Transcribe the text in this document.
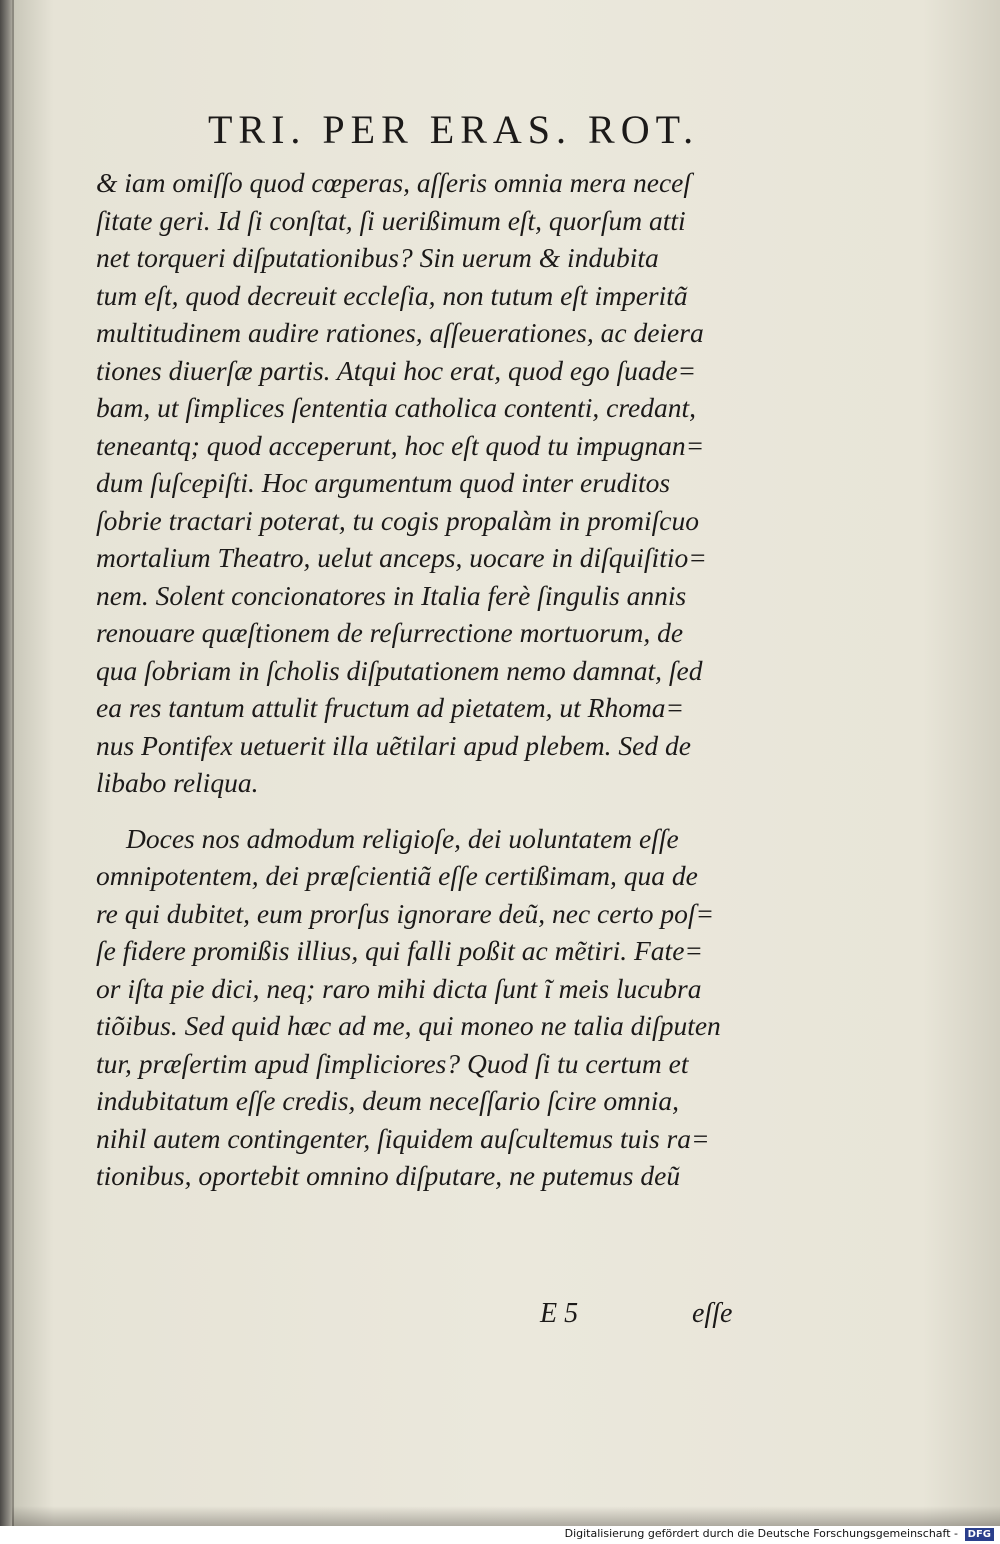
TRI. PER ERAS. ROT.
& iam omiſſo quod cœperas, aſſeris omnia mera neceſ
ſitate geri. Id ſi conſtat, ſi uerißimum eſt, quorſum atti
net torqueri diſputationibus? Sin uerum & indubita
tum eſt, quod decreuit eccleſia, non tutum eſt imperitã
multitudinem audire rationes, aſſeuerationes, ac deiera
tiones diuerſæ partis. Atqui hoc erat, quod ego ſuade=
bam, ut ſimplices ſententia catholica contenti, credant,
teneantq; quod acceperunt, hoc eſt quod tu impugnan=
dum ſuſcepiſti. Hoc argumentum quod inter eruditos
ſobrie tractari poterat, tu cogis propalàm in promiſcuo
mortalium Theatro, uelut anceps, uocare in diſquiſitio=
nem. Solent concionatores in Italia ferè ſingulis annis
renouare quæſtionem de reſurrectione mortuorum, de
qua ſobriam in ſcholis diſputationem nemo damnat, ſed
ea res tantum attulit fructum ad pietatem, ut Rhoma=
nus Pontifex uetuerit illa uẽtilari apud plebem. Sed de
libabo reliqua.
Doces nos admodum religioſe, dei uoluntatem eſſe
omnipotentem, dei præſcientiã eſſe certißimam, qua de
re qui dubitet, eum prorſus ignorare deũ, nec certo poſ=
ſe fidere promißis illius, qui falli poßit ac mẽtiri. Fate=
or iſta pie dici, neq; raro mihi dicta ſunt ĩ meis lucubra
tiõibus. Sed quid hæc ad me, qui moneo ne talia diſputen
tur, præſertim apud ſimpliciores? Quod ſi tu certum et
indubitatum eſſe credis, deum neceſſario ſcire omnia,
nihil autem contingenter, ſiquidem auſcultemus tuis ra=
tionibus, oportebit omnino diſputare, ne putemus deũ
E 5	eſſe
Digitalisierung gefördert durch die Deutsche Forschungsgemeinschaft - DFG
